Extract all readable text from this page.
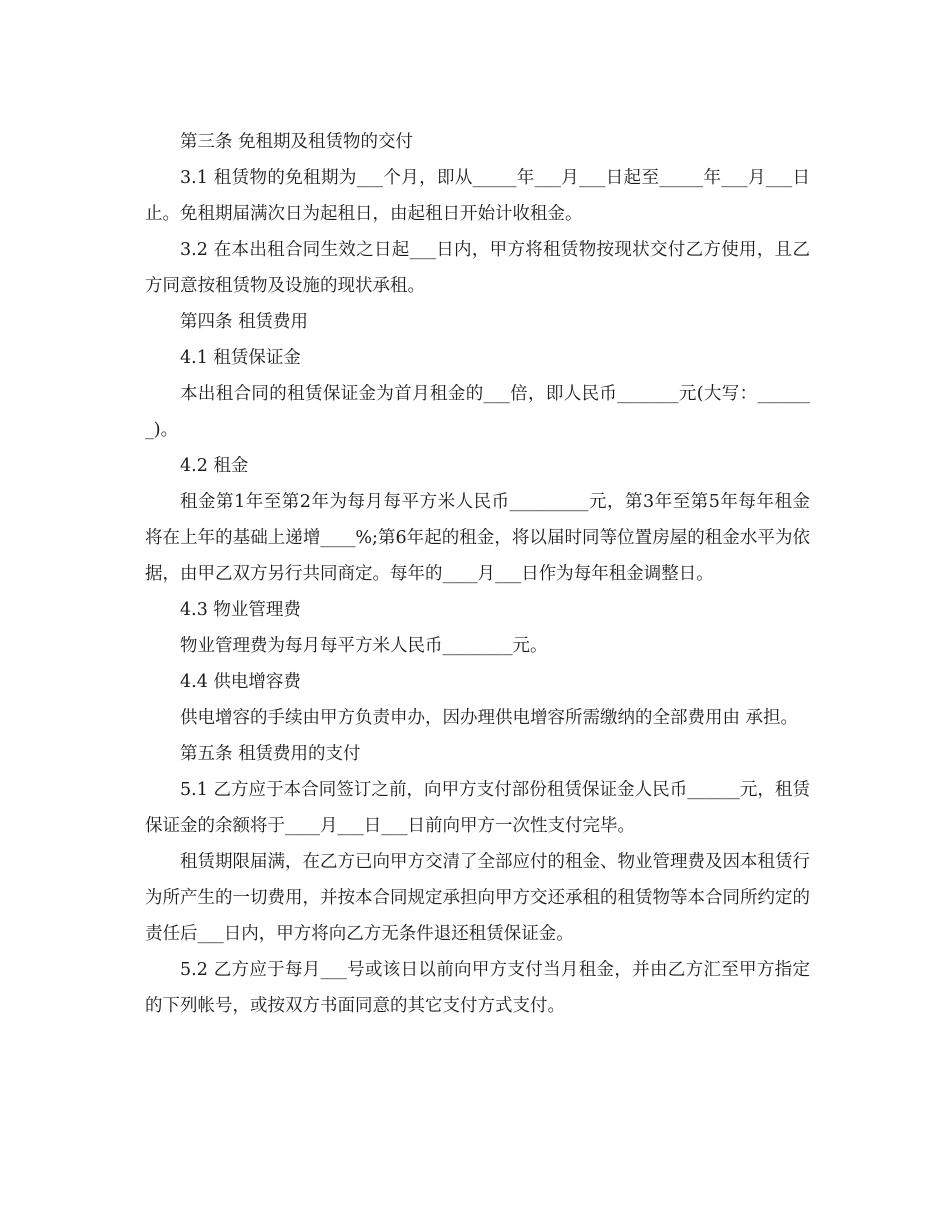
第三条 免租期及租赁物的交付

3.1 租赁物的免租期为___个月，即从_____年___月___日起至_____年___月___日止。免租期届满次日为起租日，由起租日开始计收租金。

3.2 在本出租合同生效之日起___日内，甲方将租赁物按现状交付乙方使用，且乙方同意按租赁物及设施的现状承租。

第四条 租赁费用

4.1 租赁保证金

本出租合同的租赁保证金为首月租金的___倍，即人民币_______元(大写：_______)。

4.2 租金

租金第1年至第2年为每月每平方米人民币_________元，第3年至第5年每年租金将在上年的基础上递增____%;第6年起的租金，将以届时同等位置房屋的租金水平为依据，由甲乙双方另行共同商定。每年的____月___日作为每年租金调整日。

4.3 物业管理费

物业管理费为每月每平方米人民币________元。

4.4 供电增容费

供电增容的手续由甲方负责申办，因办理供电增容所需缴纳的全部费用由 承担。

第五条 租赁费用的支付

5.1 乙方应于本合同签订之前，向甲方支付部份租赁保证金人民币______元，租赁保证金的余额将于____月___日___日前向甲方一次性支付完毕。

租赁期限届满，在乙方已向甲方交清了全部应付的租金、物业管理费及因本租赁行为所产生的一切费用，并按本合同规定承担向甲方交还承租的租赁物等本合同所约定的责任后___日内，甲方将向乙方无条件退还租赁保证金。

5.2 乙方应于每月___号或该日以前向甲方支付当月租金，并由乙方汇至甲方指定的下列帐号，或按双方书面同意的其它支付方式支付。
